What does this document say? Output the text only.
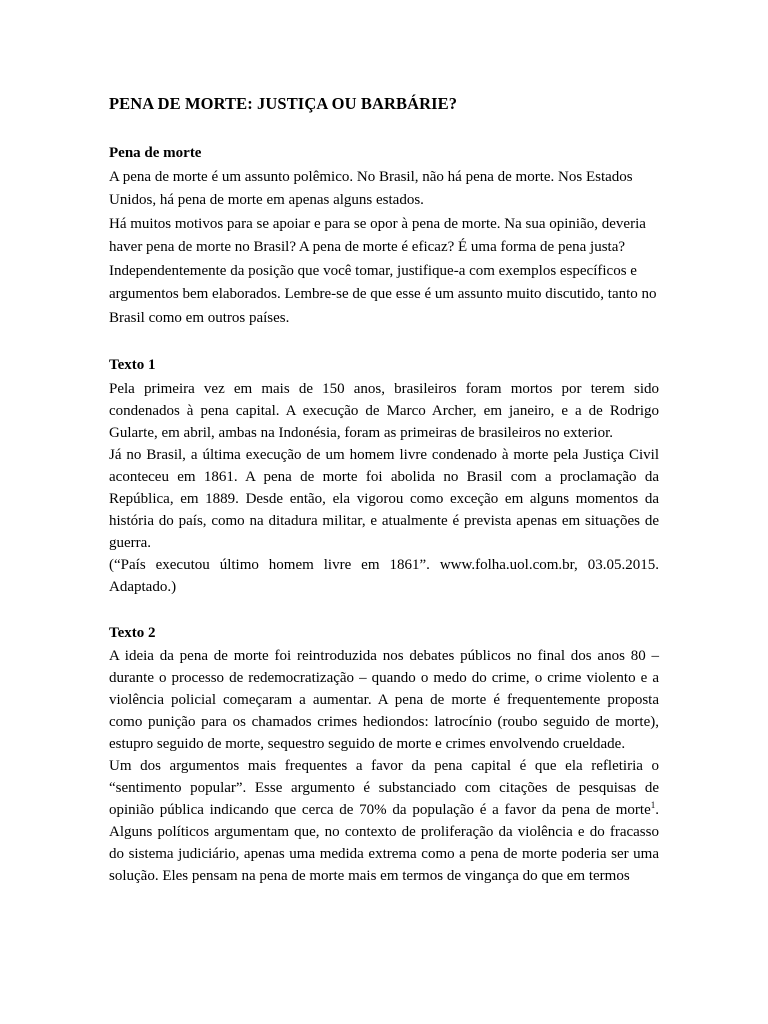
PENA DE MORTE: JUSTIÇA OU BARBÁRIE?
Pena de morte

A pena de morte é um assunto polêmico. No Brasil, não há pena de morte. Nos Estados Unidos, há pena de morte em apenas alguns estados.

Há muitos motivos para se apoiar e para se opor à pena de morte. Na sua opinião, deveria haver pena de morte no Brasil? A pena de morte é eficaz? É uma forma de pena justa? Independentemente da posição que você tomar, justifique-a com exemplos específicos e argumentos bem elaborados. Lembre-se de que esse é um assunto muito discutido, tanto no Brasil como em outros países.

Texto 1

Pela primeira vez em mais de 150 anos, brasileiros foram mortos por terem sido condenados à pena capital. A execução de Marco Archer, em janeiro, e a de Rodrigo Gularte, em abril, ambas na Indonésia, foram as primeiras de brasileiros no exterior.

Já no Brasil, a última execução de um homem livre condenado à morte pela Justiça Civil aconteceu em 1861. A pena de morte foi abolida no Brasil com a proclamação da República, em 1889. Desde então, ela vigorou como exceção em alguns momentos da história do país, como na ditadura militar, e atualmente é prevista apenas em situações de guerra.

(“País executou último homem livre em 1861”. www.folha.uol.com.br, 03.05.2015. Adaptado.)

Texto 2

A ideia da pena de morte foi reintroduzida nos debates públicos no final dos anos 80 – durante o processo de redemocratização – quando o medo do crime, o crime violento e a violência policial começaram a aumentar. A pena de morte é frequentemente proposta como punição para os chamados crimes hediondos: latrocínio (roubo seguido de morte), estupro seguido de morte, sequestro seguido de morte e crimes envolvendo crueldade.

Um dos argumentos mais frequentes a favor da pena capital é que ela refletiria o “sentimento popular”. Esse argumento é substanciado com citações de pesquisas de opinião pública indicando que cerca de 70% da população é a favor da pena de morte$^1$. Alguns políticos argumentam que, no contexto de proliferação da violência e do fracasso do sistema judiciário, apenas uma medida extrema como a pena de morte poderia ser uma solução. Eles pensam na pena de morte mais em termos de vingança do que em termos
